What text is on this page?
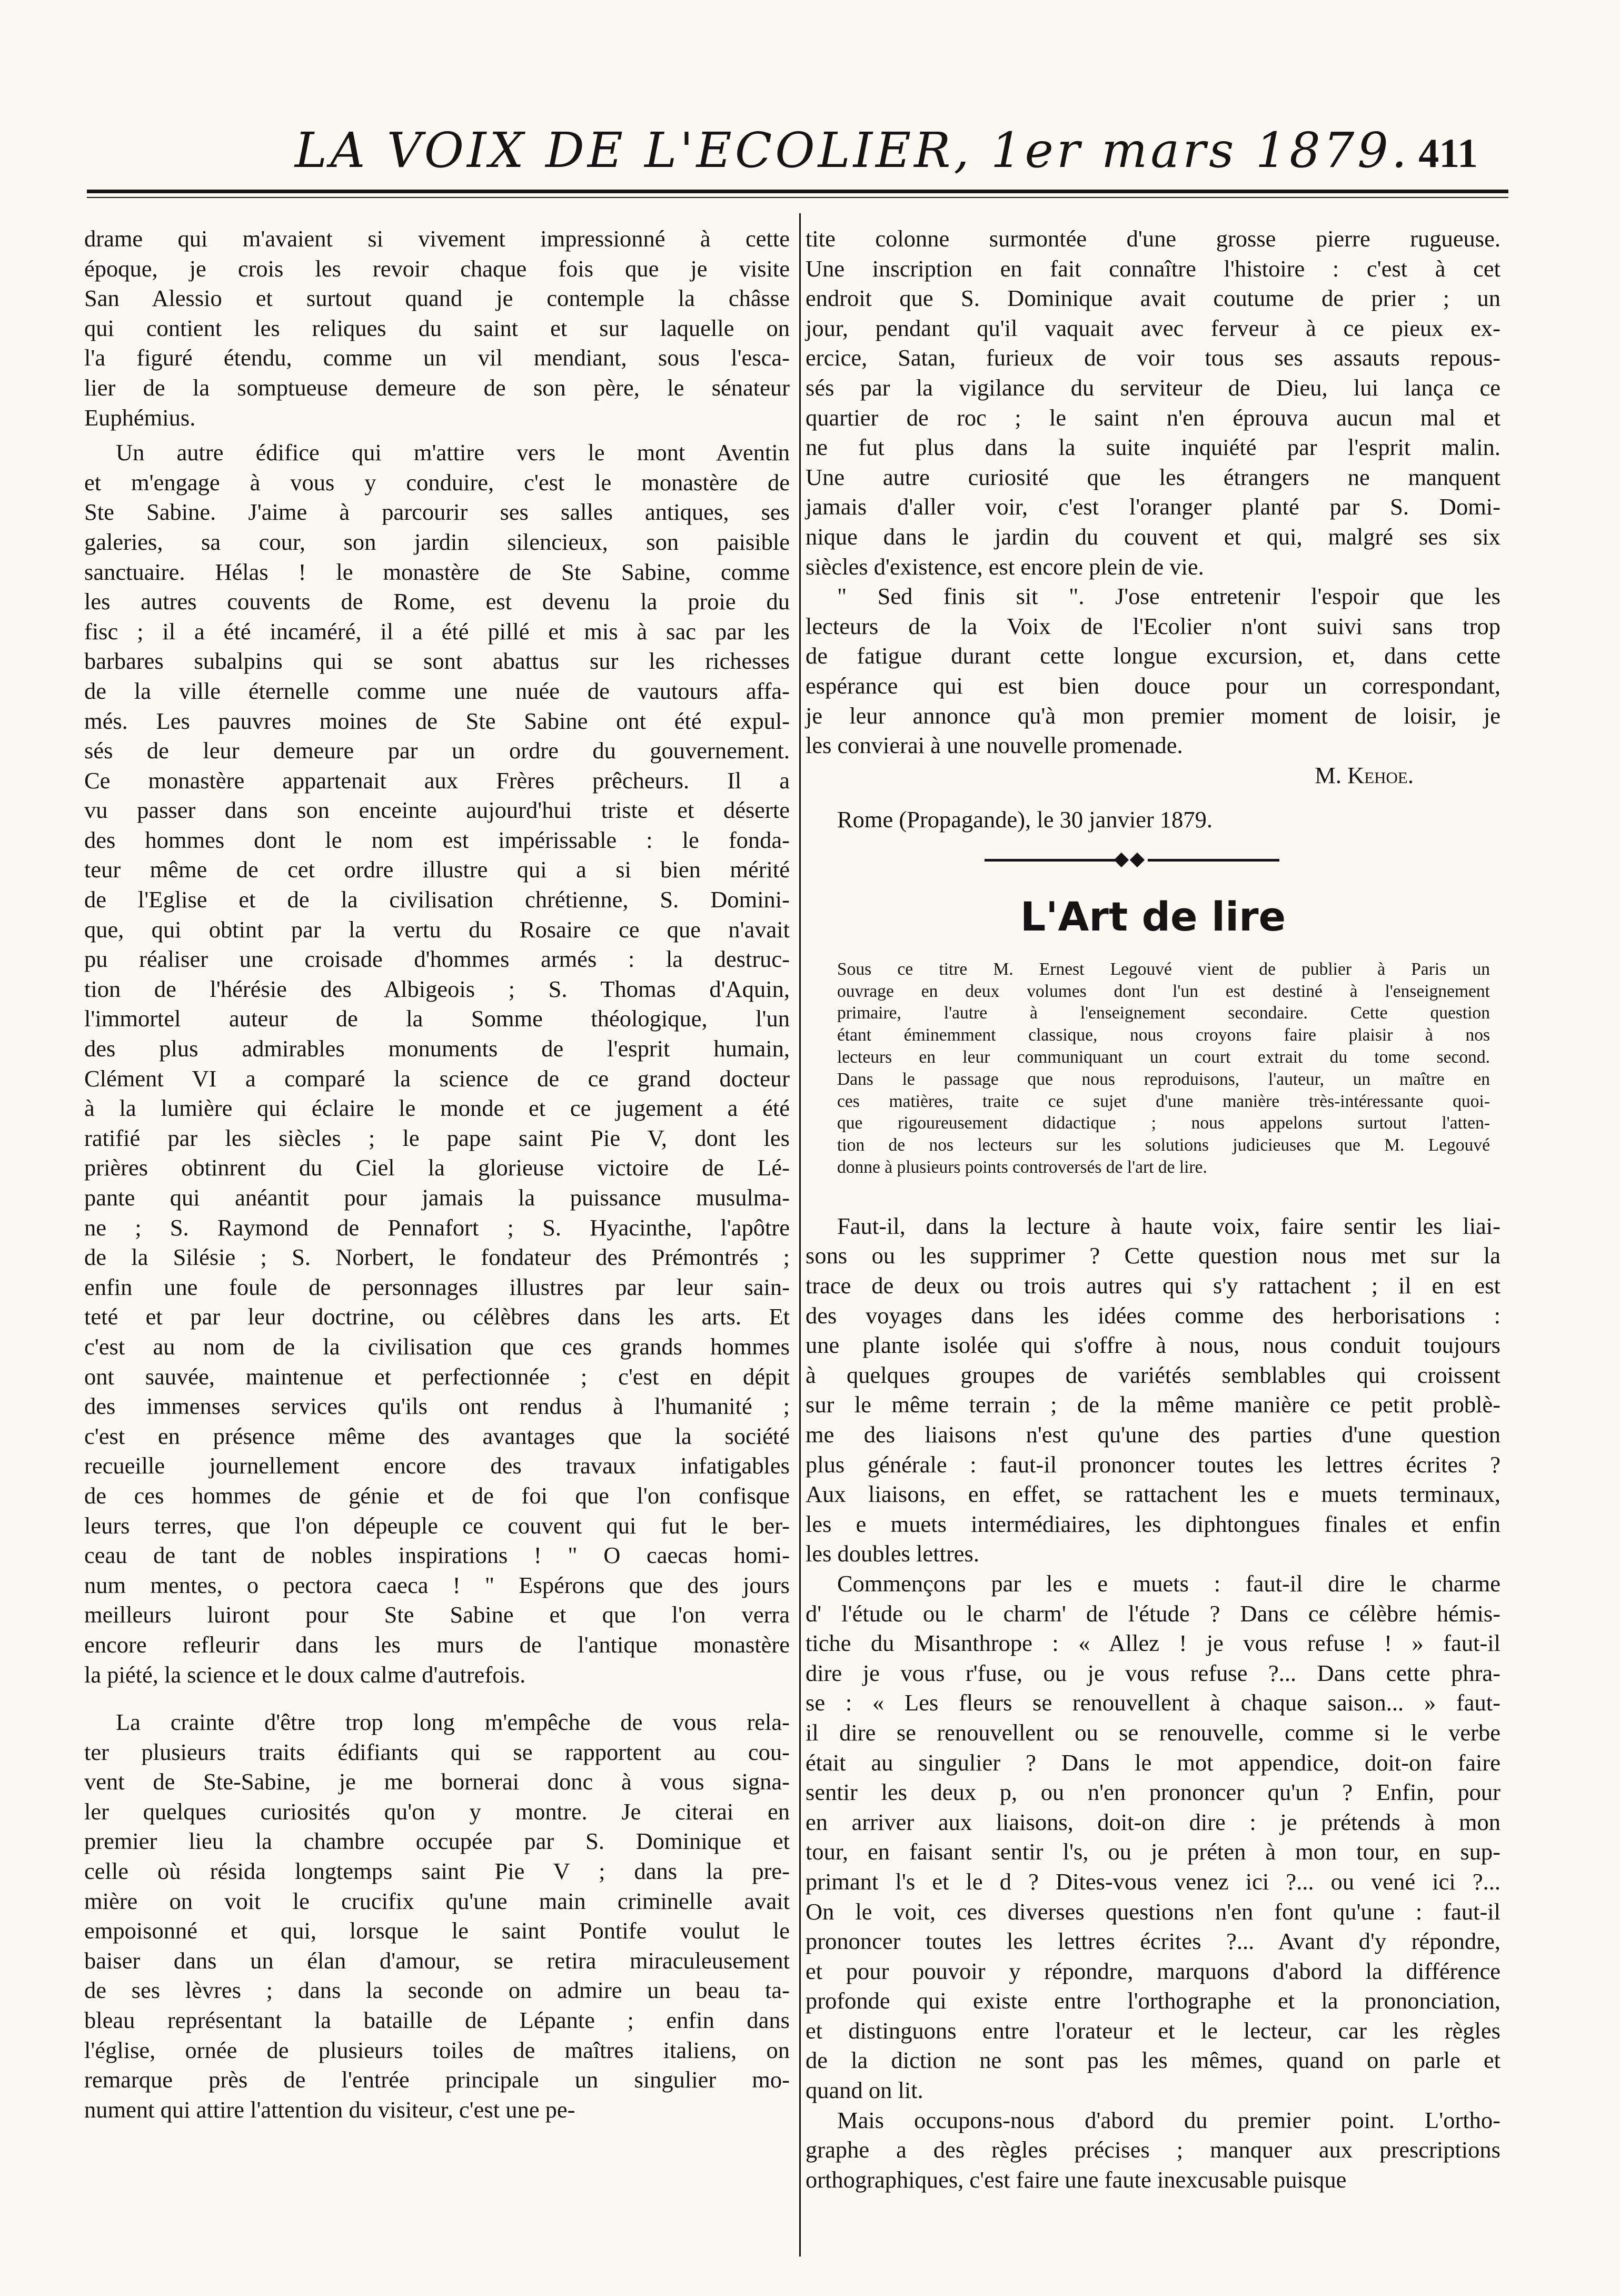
LA VOIX DE L'ECOLIER, 1er mars 1879. 411
drame qui m'avaient si vivement impressionné à cette
époque, je crois les revoir chaque fois que je visite
San Alessio et surtout quand je contemple la châsse
qui contient les reliques du saint et sur laquelle on
l'a figuré étendu, comme un vil mendiant, sous l'esca-
lier de la somptueuse demeure de son père, le sénateur
Euphémius.
Un autre édifice qui m'attire vers le mont Aventin
et m'engage à vous y conduire, c'est le monastère de
Ste Sabine. J'aime à parcourir ses salles antiques, ses
galeries, sa cour, son jardin silencieux, son paisible
sanctuaire. Hélas ! le monastère de Ste Sabine, comme
les autres couvents de Rome, est devenu la proie du
fisc ; il a été incaméré, il a été pillé et mis à sac par les
barbares subalpins qui se sont abattus sur les richesses
de la ville éternelle comme une nuée de vautours affa-
més. Les pauvres moines de Ste Sabine ont été expul-
sés de leur demeure par un ordre du gouvernement.
Ce monastère appartenait aux Frères prêcheurs. Il a
vu passer dans son enceinte aujourd'hui triste et déserte
des hommes dont le nom est impérissable : le fonda-
teur même de cet ordre illustre qui a si bien mérité
de l'Eglise et de la civilisation chrétienne, S. Domini-
que, qui obtint par la vertu du Rosaire ce que n'avait
pu réaliser une croisade d'hommes armés : la destruc-
tion de l'hérésie des Albigeois ; S. Thomas d'Aquin,
l'immortel auteur de la Somme théologique, l'un
des plus admirables monuments de l'esprit humain,
Clément VI a comparé la science de ce grand docteur
à la lumière qui éclaire le monde et ce jugement a été
ratifié par les siècles ; le pape saint Pie V, dont les
prières obtinrent du Ciel la glorieuse victoire de Lé-
pante qui anéantit pour jamais la puissance musulma-
ne ; S. Raymond de Pennafort ; S. Hyacinthe, l'apôtre
de la Silésie ; S. Norbert, le fondateur des Prémontrés ;
enfin une foule de personnages illustres par leur sain-
teté et par leur doctrine, ou célèbres dans les arts. Et
c'est au nom de la civilisation que ces grands hommes
ont sauvée, maintenue et perfectionnée ; c'est en dépit
des immenses services qu'ils ont rendus à l'humanité ;
c'est en présence même des avantages que la société
recueille journellement encore des travaux infatigables
de ces hommes de génie et de foi que l'on confisque
leurs terres, que l'on dépeuple ce couvent qui fut le ber-
ceau de tant de nobles inspirations ! " O caecas homi-
num mentes, o pectora caeca ! " Espérons que des jours
meilleurs luiront pour Ste Sabine et que l'on verra
encore refleurir dans les murs de l'antique monastère
la piété, la science et le doux calme d'autrefois.
La crainte d'être trop long m'empêche de vous rela-
ter plusieurs traits édifiants qui se rapportent au cou-
vent de Ste-Sabine, je me bornerai donc à vous signa-
ler quelques curiosités qu'on y montre. Je citerai en
premier lieu la chambre occupée par S. Dominique et
celle où résida longtemps saint Pie V ; dans la pre-
mière on voit le crucifix qu'une main criminelle avait
empoisonné et qui, lorsque le saint Pontife voulut le
baiser dans un élan d'amour, se retira miraculeusement
de ses lèvres ; dans la seconde on admire un beau ta-
bleau représentant la bataille de Lépante ; enfin dans
l'église, ornée de plusieurs toiles de maîtres italiens, on
remarque près de l'entrée principale un singulier mo-
nument qui attire l'attention du visiteur, c'est une pe-
tite colonne surmontée d'une grosse pierre rugueuse.
Une inscription en fait connaître l'histoire : c'est à cet
endroit que S. Dominique avait coutume de prier ; un
jour, pendant qu'il vaquait avec ferveur à ce pieux ex-
ercice, Satan, furieux de voir tous ses assauts repous-
sés par la vigilance du serviteur de Dieu, lui lança ce
quartier de roc ; le saint n'en éprouva aucun mal et
ne fut plus dans la suite inquiété par l'esprit malin.
Une autre curiosité que les étrangers ne manquent
jamais d'aller voir, c'est l'oranger planté par S. Domi-
nique dans le jardin du couvent et qui, malgré ses six
siècles d'existence, est encore plein de vie.
" Sed finis sit ". J'ose entretenir l'espoir que les
lecteurs de la Voix de l'Ecolier n'ont suivi sans trop
de fatigue durant cette longue excursion, et, dans cette
espérance qui est bien douce pour un correspondant,
je leur annonce qu'à mon premier moment de loisir, je
les convierai à une nouvelle promenade.
M. Kehoe.
Rome (Propagande), le 30 janvier 1879.
L'Art de lire
Sous ce titre M. Ernest Legouvé vient de publier à Paris un
ouvrage en deux volumes dont l'un est destiné à l'enseignement
primaire, l'autre à l'enseignement secondaire. Cette question
étant éminemment classique, nous croyons faire plaisir à nos
lecteurs en leur communiquant un court extrait du tome second.
Dans le passage que nous reproduisons, l'auteur, un maître en
ces matières, traite ce sujet d'une manière très-intéressante quoi-
que rigoureusement didactique ; nous appelons surtout l'atten-
tion de nos lecteurs sur les solutions judicieuses que M. Legouvé
donne à plusieurs points controversés de l'art de lire.
Faut-il, dans la lecture à haute voix, faire sentir les liai-
sons ou les supprimer ? Cette question nous met sur la
trace de deux ou trois autres qui s'y rattachent ; il en est
des voyages dans les idées comme des herborisations :
une plante isolée qui s'offre à nous, nous conduit toujours
à quelques groupes de variétés semblables qui croissent
sur le même terrain ; de la même manière ce petit problè-
me des liaisons n'est qu'une des parties d'une question
plus générale : faut-il prononcer toutes les lettres écrites ?
Aux liaisons, en effet, se rattachent les e muets terminaux,
les e muets intermédiaires, les diphtongues finales et enfin
les doubles lettres.
Commençons par les e muets : faut-il dire le charme
d' l'étude ou le charm' de l'étude ? Dans ce célèbre hémis-
tiche du Misanthrope : « Allez ! je vous refuse ! » faut-il
dire je vous r'fuse, ou je vous refuse ?... Dans cette phra-
se : « Les fleurs se renouvellent à chaque saison... » faut-
il dire se renouvellent ou se renouvelle, comme si le verbe
était au singulier ? Dans le mot appendice, doit-on faire
sentir les deux p, ou n'en prononcer qu'un ? Enfin, pour
en arriver aux liaisons, doit-on dire : je prétends à mon
tour, en faisant sentir l's, ou je préten à mon tour, en sup-
primant l's et le d ? Dites-vous venez ici ?... ou vené ici ?...
On le voit, ces diverses questions n'en font qu'une : faut-il
prononcer toutes les lettres écrites ?... Avant d'y répondre,
et pour pouvoir y répondre, marquons d'abord la différence
profonde qui existe entre l'orthographe et la prononciation,
et distinguons entre l'orateur et le lecteur, car les règles
de la diction ne sont pas les mêmes, quand on parle et
quand on lit.
Mais occupons-nous d'abord du premier point. L'ortho-
graphe a des règles précises ; manquer aux prescriptions
orthographiques, c'est faire une faute inexcusable puisque
